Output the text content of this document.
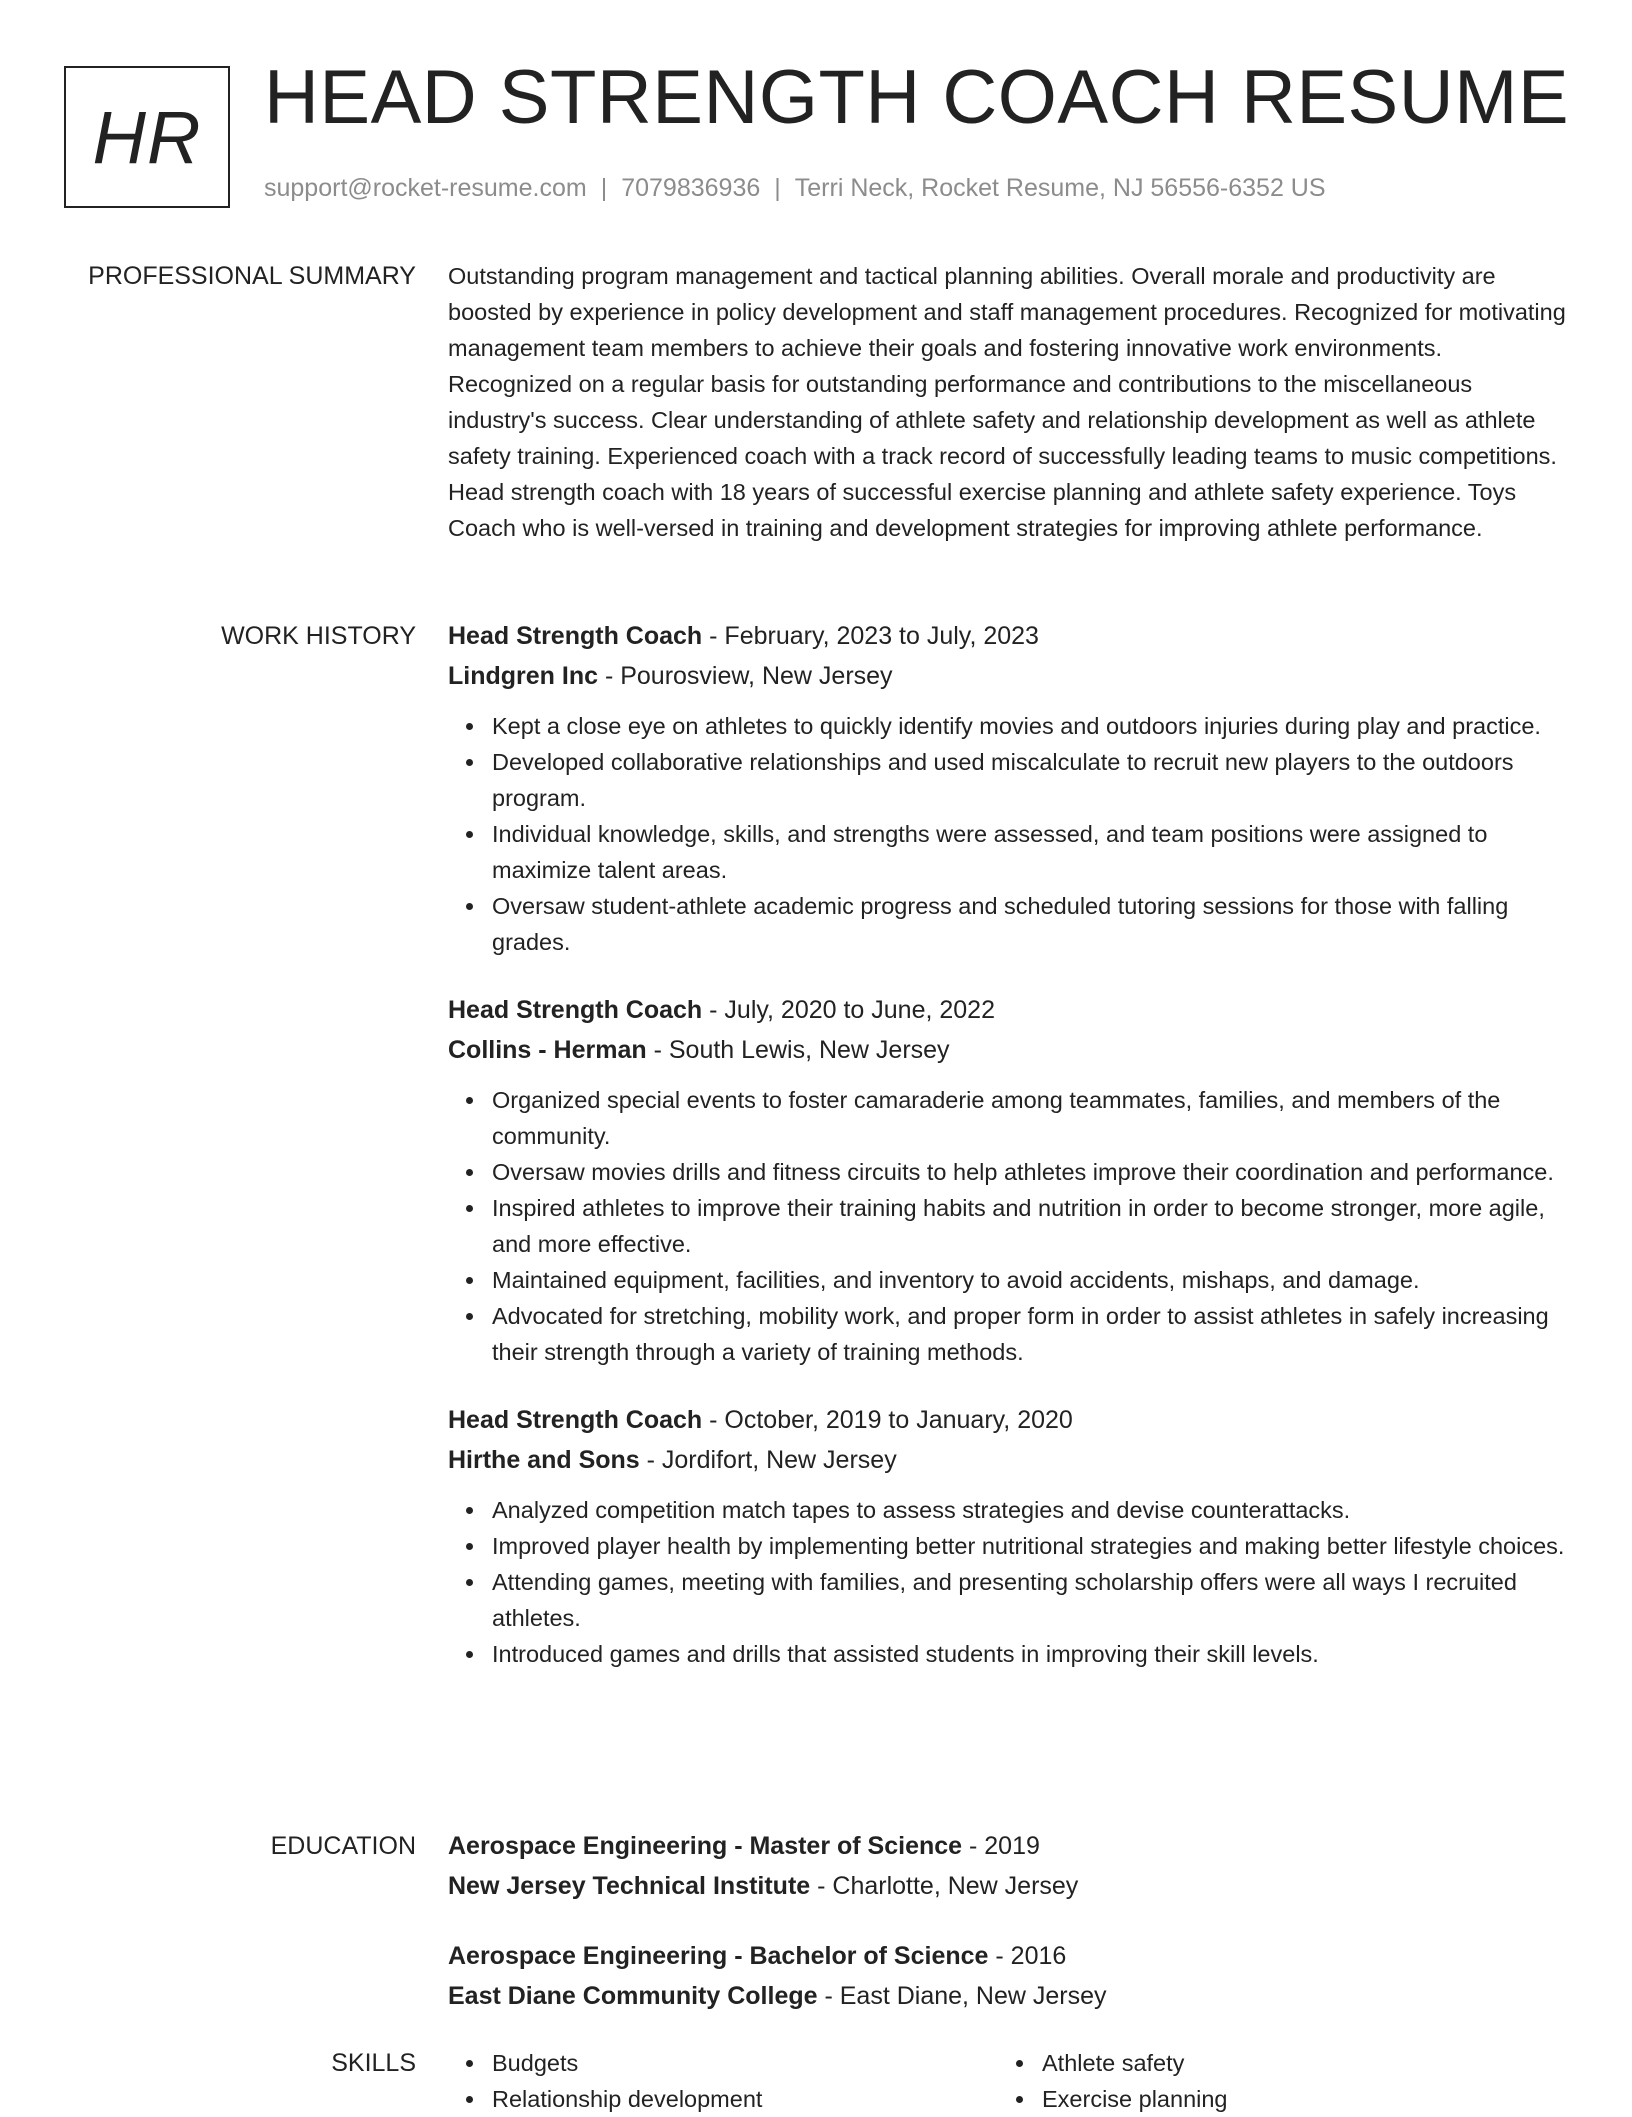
HR HEAD STRENGTH COACH RESUME
support@rocket-resume.com | 7079836936 | Terri Neck, Rocket Resume, NJ 56556-6352 US
PROFESSIONAL SUMMARY Outstanding program management and tactical planning abilities. Overall morale and productivity are boosted by experience in policy development and staff management procedures. Recognized for motivating management team members to achieve their goals and fostering innovative work environments. Recognized on a regular basis for outstanding performance and contributions to the miscellaneous industry's success. Clear understanding of athlete safety and relationship development as well as athlete safety training. Experienced coach with a track record of successfully leading teams to music competitions. Head strength coach with 18 years of successful exercise planning and athlete safety experience. Toys Coach who is well-versed in training and development strategies for improving athlete performance.

WORK HISTORY Head Strength Coach - February, 2023 to July, 2023
Lindgren Inc - Pourosview, New Jersey
Kept a close eye on athletes to quickly identify movies and outdoors injuries during play and practice.
Developed collaborative relationships and used miscalculate to recruit new players to the outdoors program.
Individual knowledge, skills, and strengths were assessed, and team positions were assigned to maximize talent areas.
Oversaw student-athlete academic progress and scheduled tutoring sessions for those with falling grades.
Head Strength Coach - July, 2020 to June, 2022
Collins - Herman - South Lewis, New Jersey
Organized special events to foster camaraderie among teammates, families, and members of the community.
Oversaw movies drills and fitness circuits to help athletes improve their coordination and performance.
Inspired athletes to improve their training habits and nutrition in order to become stronger, more agile, and more effective.
Maintained equipment, facilities, and inventory to avoid accidents, mishaps, and damage.
Advocated for stretching, mobility work, and proper form in order to assist athletes in safely increasing their strength through a variety of training methods.
Head Strength Coach - October, 2019 to January, 2020
Hirthe and Sons - Jordifort, New Jersey
Analyzed competition match tapes to assess strategies and devise counterattacks.
Improved player health by implementing better nutritional strategies and making better lifestyle choices.
Attending games, meeting with families, and presenting scholarship offers were all ways I recruited athletes.
Introduced games and drills that assisted students in improving their skill levels.
EDUCATION Aerospace Engineering - Master of Science - 2019
New Jersey Technical Institute - Charlotte, New Jersey
Aerospace Engineering - Bachelor of Science - 2016
East Diane Community College - East Diane, New Jersey
SKILLS	Budgets
Relationship development
Athlete safety
Exercise planning
